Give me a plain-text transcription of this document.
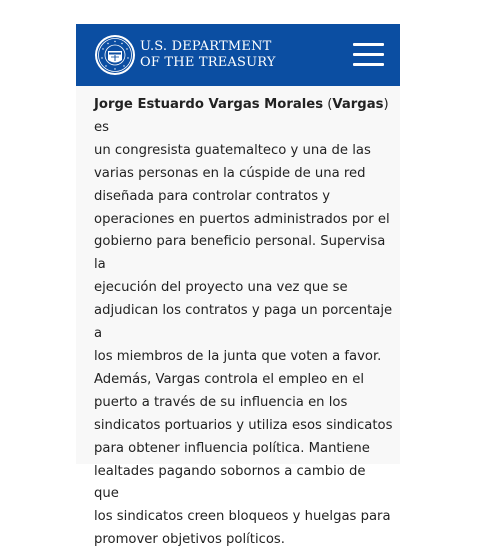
U.S. DEPARTMENT
OF THE TREASURY

Jorge Estuardo Vargas Morales (Vargas) es

un congresista guatemalteco y una de las

varias personas en la cúspide de una red

diseñada para controlar contratos y

operaciones en puertos administrados por el

gobierno para beneficio personal. Supervisa la

ejecución del proyecto una vez que se

adjudican los contratos y paga un porcentaje a

los miembros de la junta que voten a favor.

Además, Vargas controla el empleo en el

puerto a través de su influencia en los

sindicatos portuarios y utiliza esos sindicatos

para obtener influencia política. Mantiene

lealtades pagando sobornos a cambio de que

los sindicatos creen bloqueos y huelgas para

promover objetivos políticos.
